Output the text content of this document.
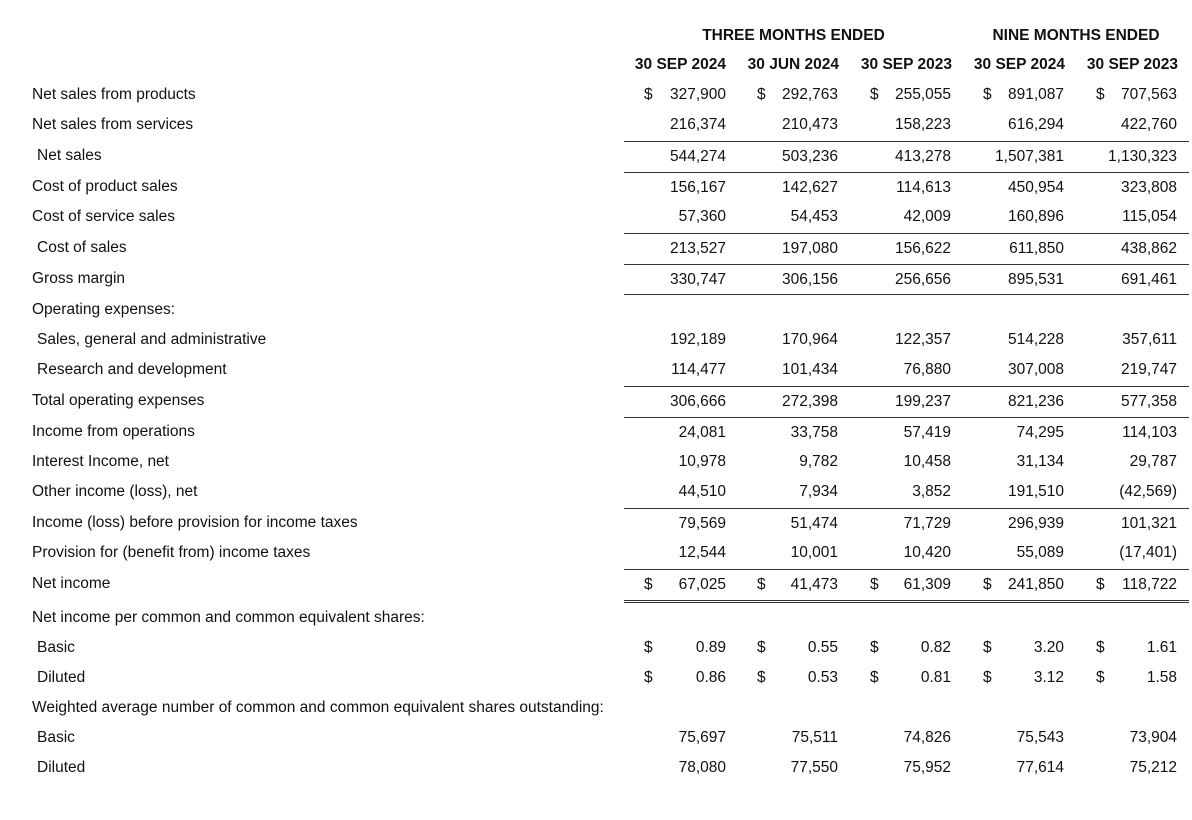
THREE MONTHS ENDED	NINE MONTHS ENDED
30 SEP 2024	30 JUN 2024	30 SEP 2023	30 SEP 2024	30 SEP 2023
Net sales from products	$ 327,900 $ 292,763 $ 255,055 $ 891,087 $ 707,563
Net sales from services	216,374	210,473	158,223	616,294	422,760
Net sales	544,274	503,236	413,278	1,507,381	1,130,323
Cost of product sales	156,167	142,627	114,613	450,954	323,808
Cost of service sales	57,360	54,453	42,009	160,896	115,054
Cost of sales	213,527	197,080	156,622	611,850	438,862
Gross margin	330,747	306,156	256,656	895,531	691,461
Operating expenses:
Sales, general and administrative	192,189	170,964	122,357	514,228	357,611
Research and development	114,477	101,434	76,880	307,008	219,747
Total operating expenses	306,666	272,398	199,237	821,236	577,358
Income from operations	24,081	33,758	57,419	74,295	114,103
Interest Income, net	10,978	9,782	10,458	31,134	29,787
Other income (loss), net	44,510	7,934	3,852	191,510	(42,569)
Income (loss) before provision for income taxes	79,569	51,474	71,729	296,939	101,321
Provision for (benefit from) income taxes	12,544	10,001	10,420	55,089	(17,401)
Net income	$ 67,025 $ 41,473 $ 61,309 $ 241,850 $ 118,722
Net income per common and common equivalent shares:
Basic	$	0.89 $	0.55 $	0.82 $	3.20 $	1.61
Diluted	$	0.86 $	0.53 $	0.81 $	3.12 $	1.58
Weighted average number of common and common equivalent shares outstanding:
Basic	75,697	75,511	74,826	75,543	73,904
Diluted	78,080	77,550	75,952	77,614	75,212
